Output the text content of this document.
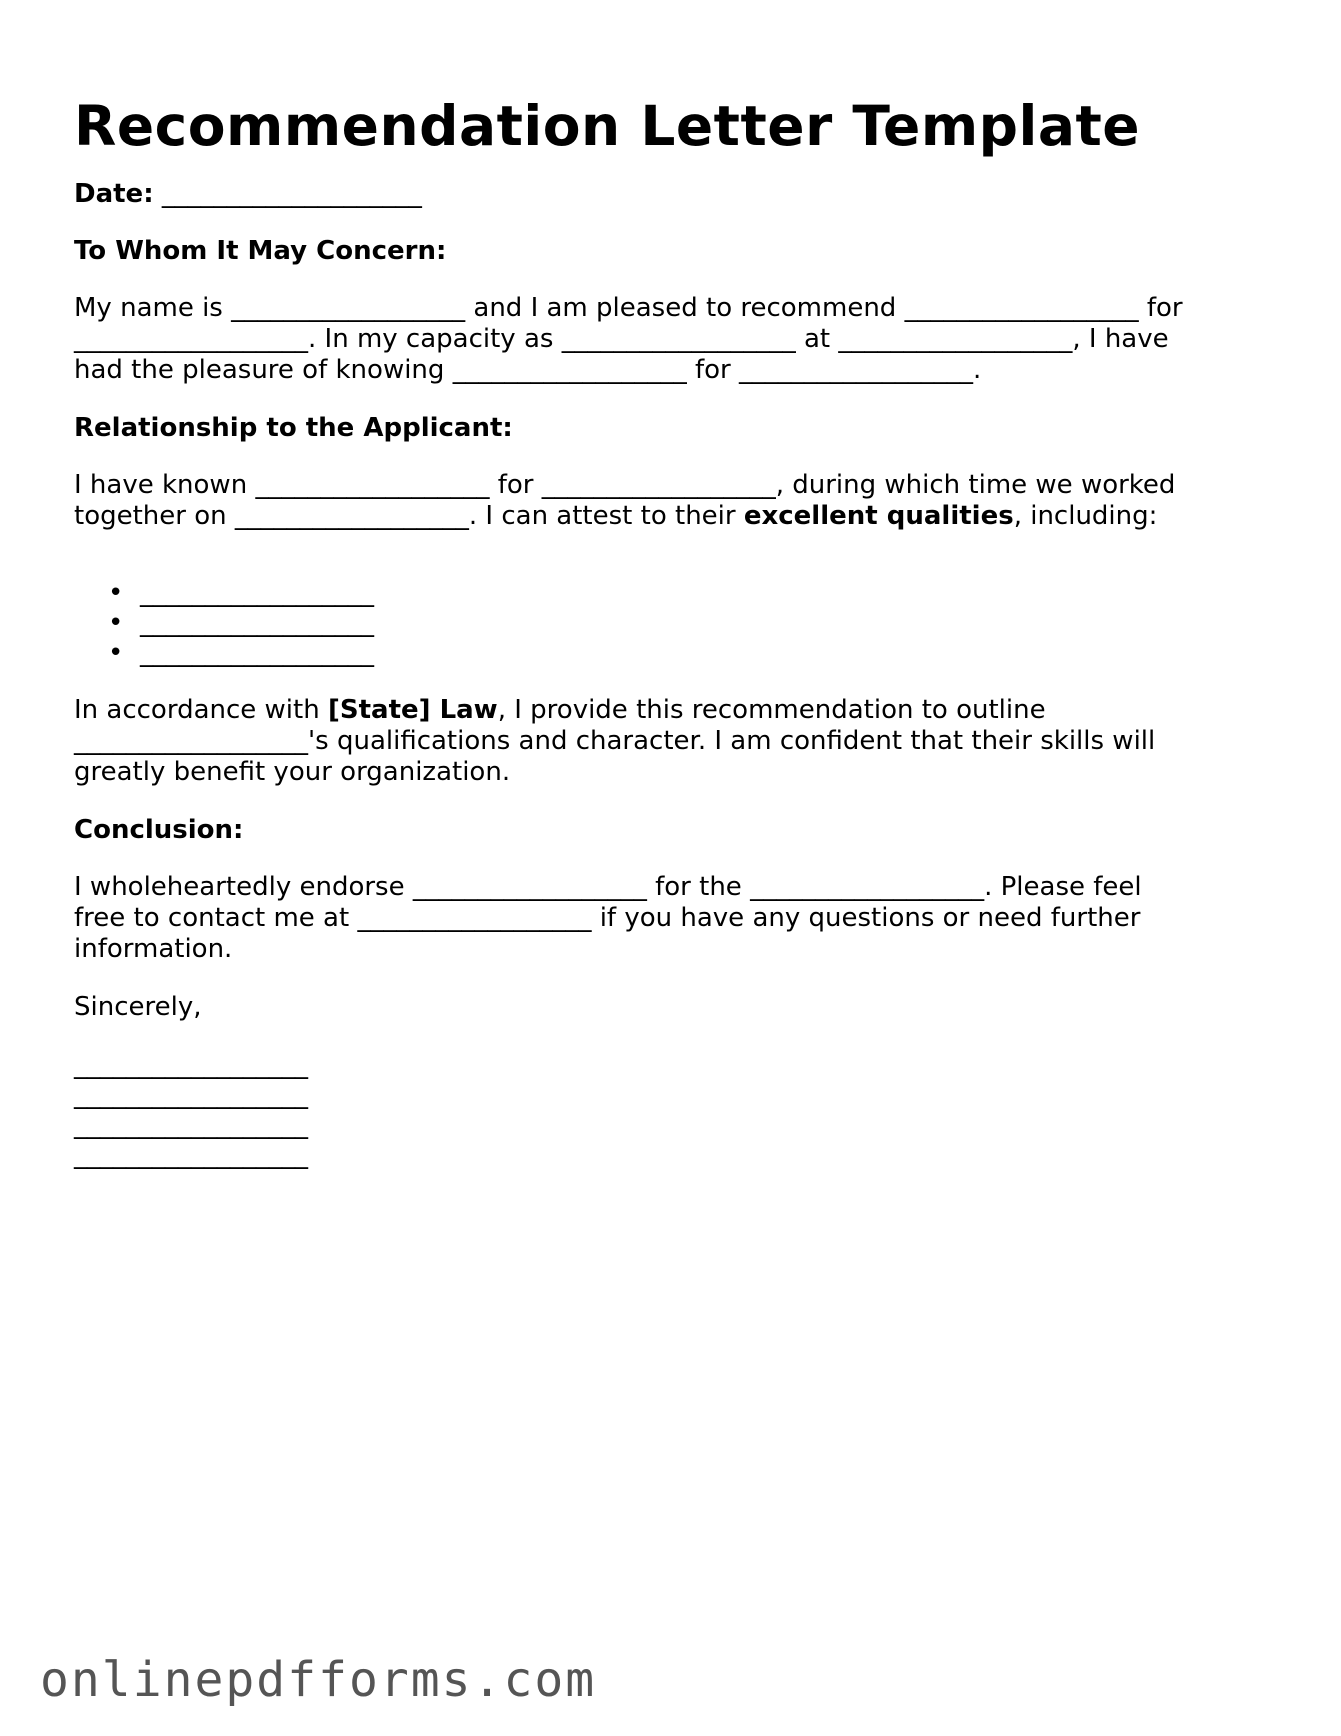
Recommendation Letter Template
Date: ____________________
To Whom It May Concern:
My name is __________________ and I am pleased to recommend __________________ for
__________________. In my capacity as __________________ at __________________, I have
had the pleasure of knowing __________________ for __________________.
Relationship to the Applicant:
I have known __________________ for __________________, during which time we worked
together on __________________. I can attest to their excellent qualities, including:
• __________________
• __________________
• __________________
In accordance with [State] Law, I provide this recommendation to outline
__________________'s qualifications and character. I am confident that their skills will
greatly benefit your organization.
Conclusion:
I wholeheartedly endorse __________________ for the __________________. Please feel
free to contact me at __________________ if you have any questions or need further
information.
Sincerely,
__________________
__________________
__________________
__________________
onlinepdfforms.com
